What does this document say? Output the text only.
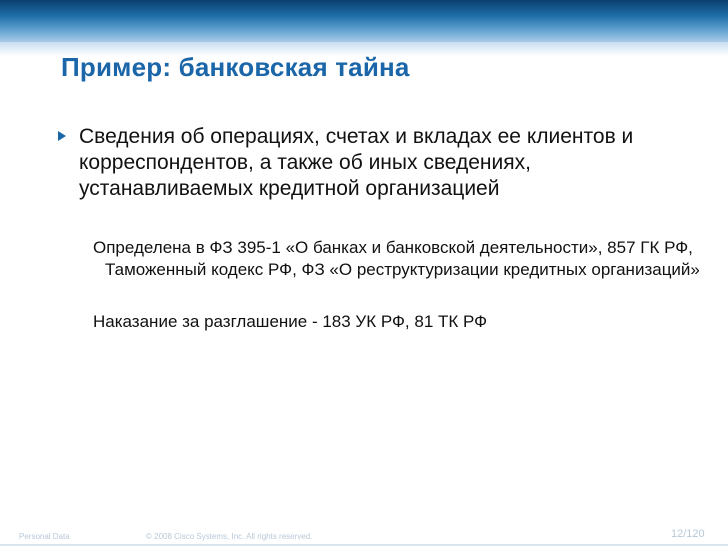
Пример: банковская тайна
Сведения об операциях, счетах и вкладах ее клиентов и корреспондентов, а также об иных сведениях, устанавливаемых кредитной организацией
Определена в ФЗ 395-1 «О банках и банковской деятельности», 857 ГК РФ, Таможенный кодекс РФ, ФЗ «О реструктуризации кредитных организаций»
Наказание за разглашение - 183 УК РФ, 81 ТК РФ
Personal Data	© 2008 Cisco Systems, Inc. All rights reserved.	12/120
